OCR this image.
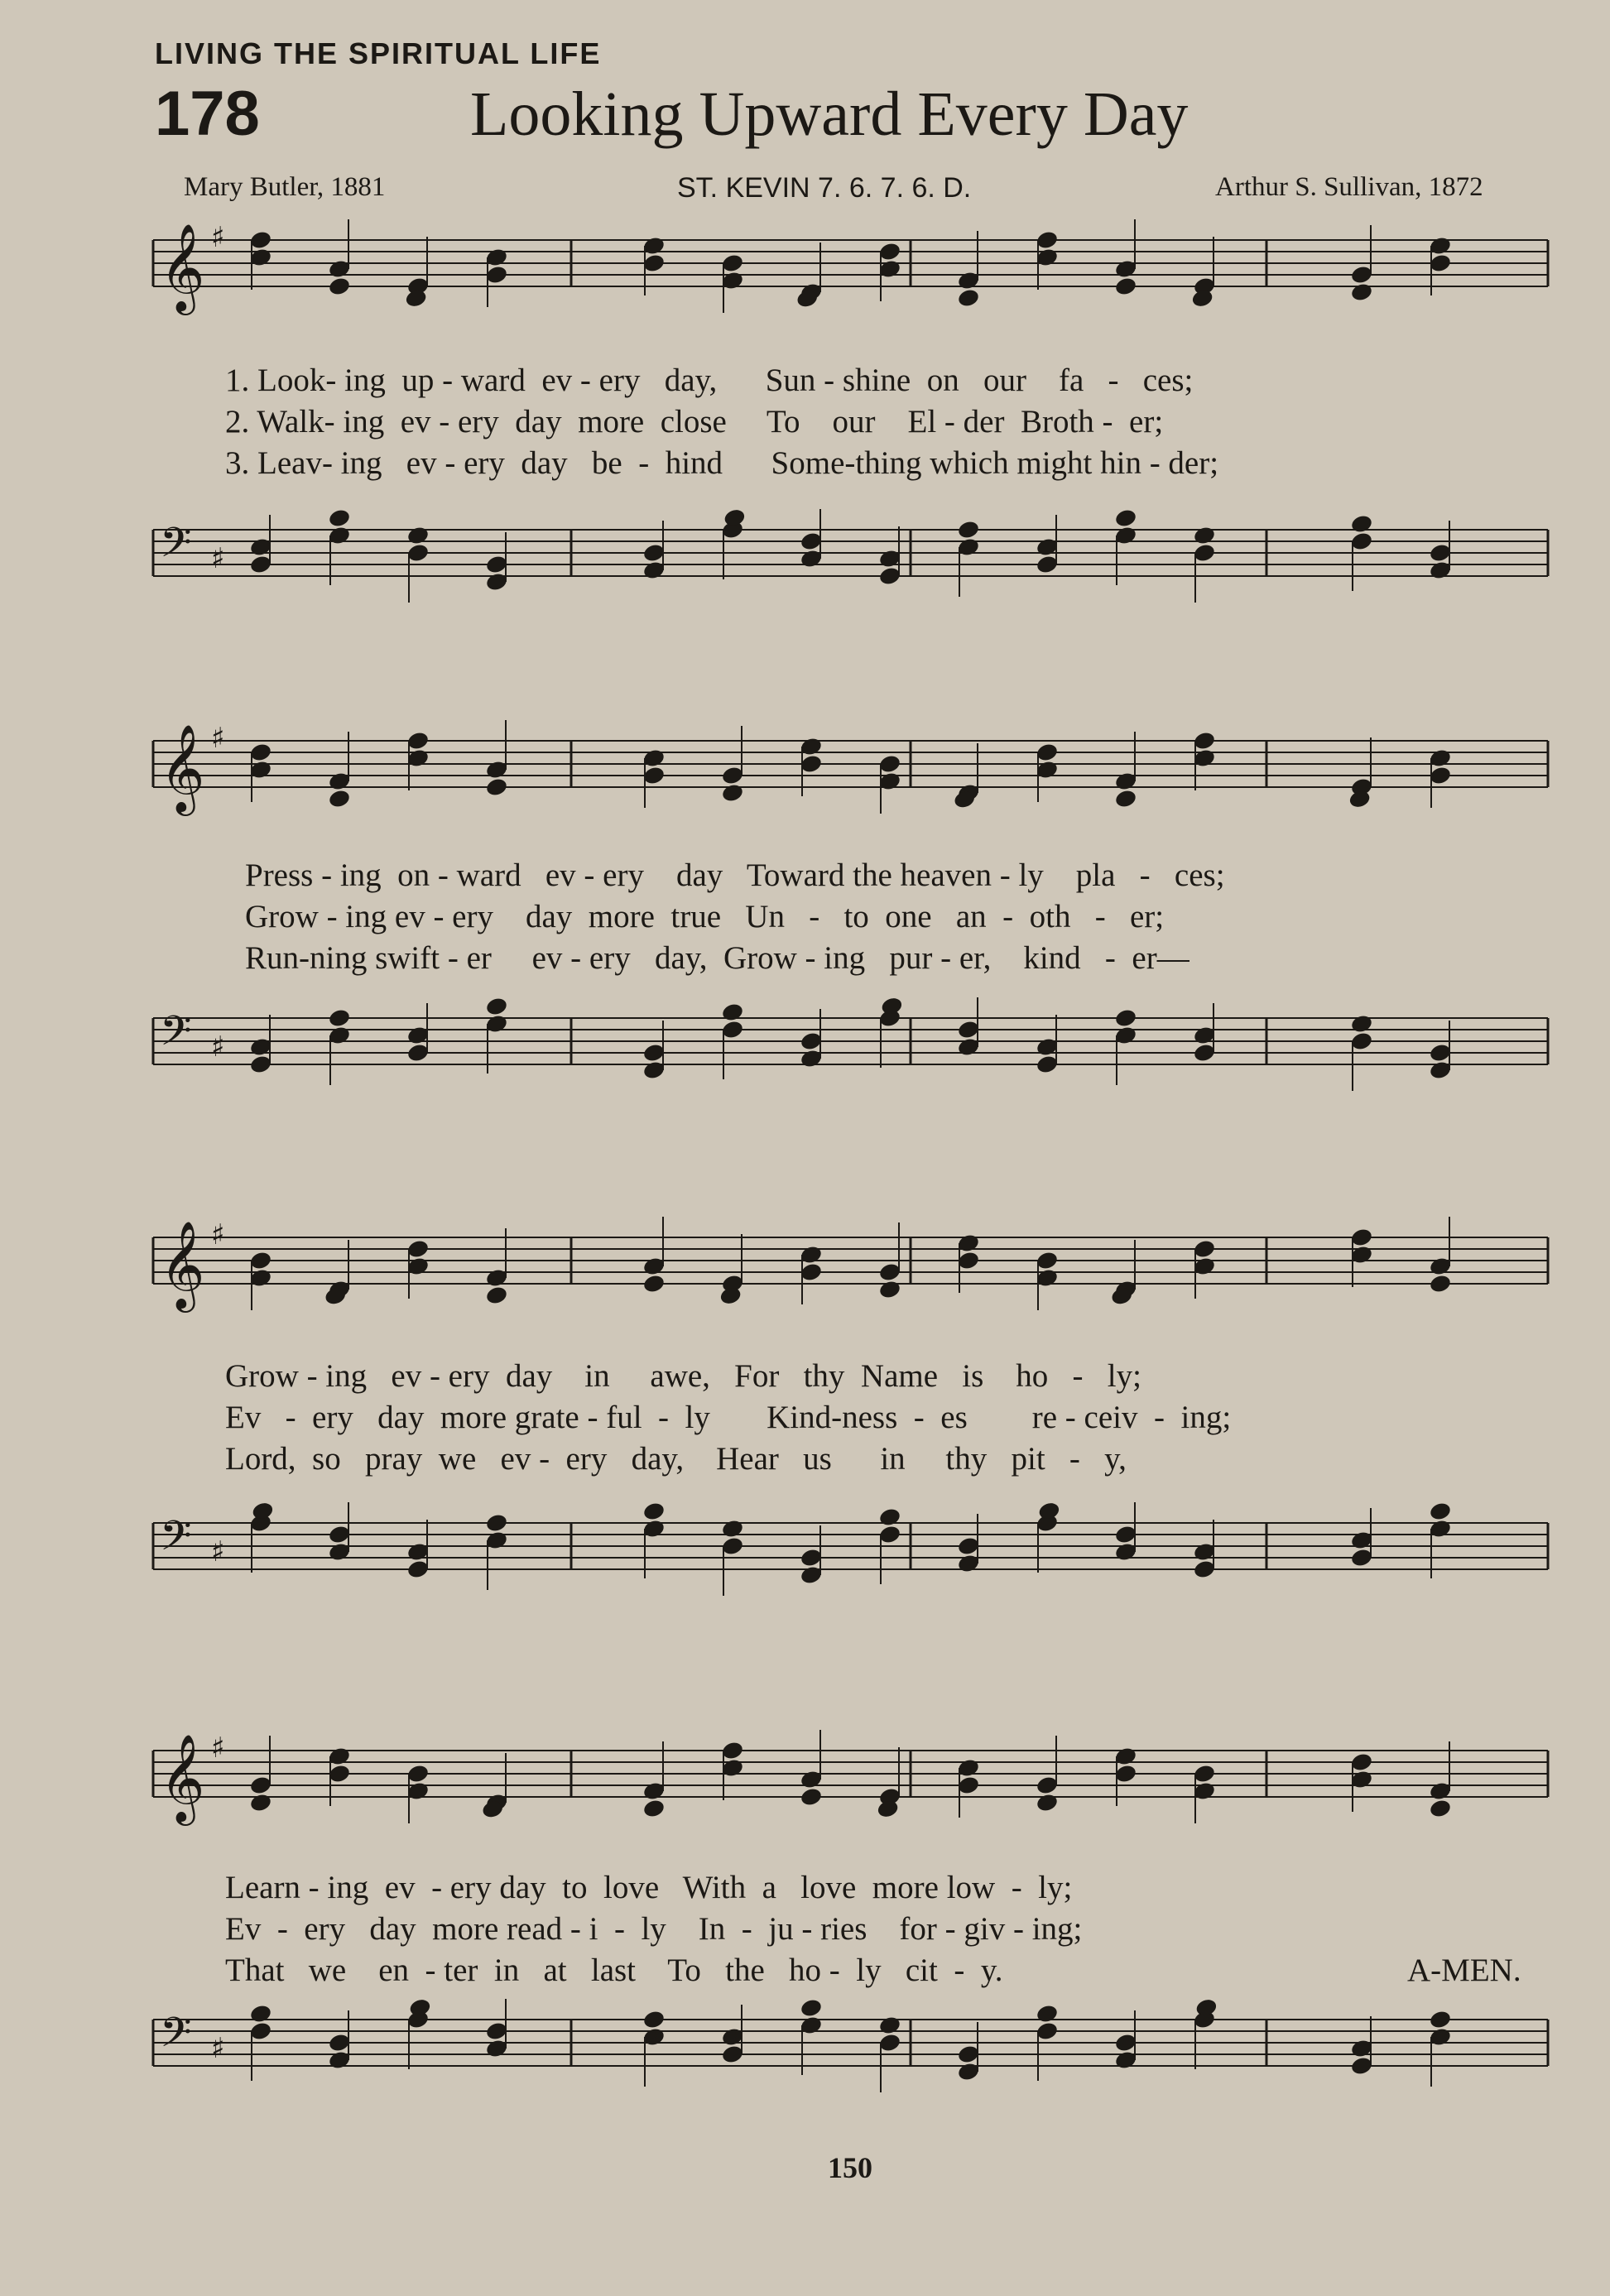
LIVING THE SPIRITUAL LIFE
178	Looking Upward Every Day
Mary Butler, 1881	ST. KEVIN 7. 6. 7. 6. D.	Arthur S. Sullivan, 1872
𝄞 ♯
1. Look- ing  up - ward  ev - ery   day,      Sun - shine  on   our    fa   -   ces;
2. Walk- ing  ev - ery  day  more  close     To    our    El - der  Broth -  er;
3. Leav- ing   ev - ery  day   be  -  hind      Some-thing which might hin - der;
𝄢 ♯
𝄞 ♯
Press - ing  on - ward   ev - ery    day   Toward the heaven - ly    pla   -   ces;
Grow - ing ev - ery    day  more  true   Un   -   to  one   an  -  oth   -   er;
Run-ning swift - er     ev - ery   day,  Grow - ing   pur - er,    kind   -  er—
𝄢 ♯
𝄞 ♯
Grow - ing   ev - ery  day    in     awe,   For   thy  Name   is    ho   -   ly;
Ev   -  ery   day  more grate - ful  -  ly       Kind-ness  -  es        re - ceiv  -  ing;
Lord,  so   pray  we   ev -  ery   day,    Hear   us      in     thy   pit   -   y,
𝄢 ♯
𝄞 ♯
Learn - ing  ev  - ery day  to  love   With  a   love  more low  -  ly;
Ev  -  ery   day  more read - i  -  ly    In  -  ju - ries    for - giv - ing;
That   we    en  - ter  in   at   last    To   the   ho -  ly   cit  -  y.	A-MEN.
𝄢 ♯
150
